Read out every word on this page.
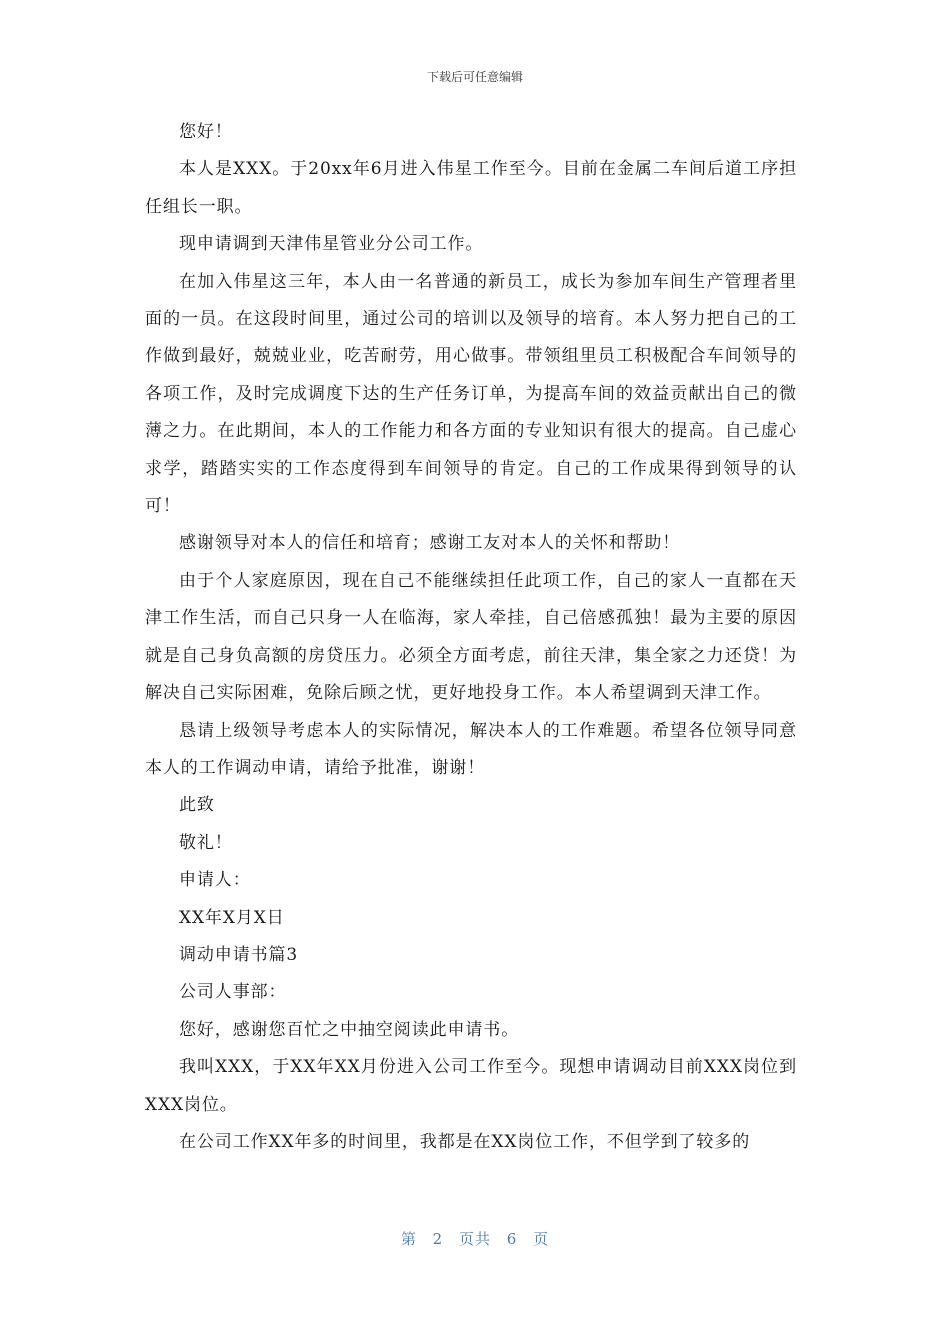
下载后可任意编辑

您好！

本人是XXX。于20xx年6月进入伟星工作至今。目前在金属二车间后道工序担任组长一职。

现申请调到天津伟星管业分公司工作。

在加入伟星这三年，本人由一名普通的新员工，成长为参加车间生产管理者里面的一员。在这段时间里，通过公司的培训以及领导的培育。本人努力把自己的工作做到最好，兢兢业业，吃苦耐劳，用心做事。带领组里员工积极配合车间领导的各项工作，及时完成调度下达的生产任务订单，为提高车间的效益贡献出自己的微薄之力。在此期间，本人的工作能力和各方面的专业知识有很大的提高。自己虚心求学，踏踏实实的工作态度得到车间领导的肯定。自己的工作成果得到领导的认可！

感谢领导对本人的信任和培育；感谢工友对本人的关怀和帮助！

由于个人家庭原因，现在自己不能继续担任此项工作，自己的家人一直都在天津工作生活，而自己只身一人在临海，家人牵挂，自己倍感孤独！最为主要的原因就是自己身负高额的房贷压力。必须全方面考虑，前往天津，集全家之力还贷！为解决自己实际困难，免除后顾之忧，更好地投身工作。本人希望调到天津工作。

恳请上级领导考虑本人的实际情况，解决本人的工作难题。希望各位领导同意本人的工作调动申请，请给予批准，谢谢！

此致

敬礼！

申请人：

XX年X月X日

调动申请书篇3

公司人事部：

您好，感谢您百忙之中抽空阅读此申请书。

我叫XXX，于XX年XX月份进入公司工作至今。现想申请调动目前XXX岗位到XXX岗位。

在公司工作XX年多的时间里，我都是在XX岗位工作，不但学到了较多的

第 2 页共 6 页
